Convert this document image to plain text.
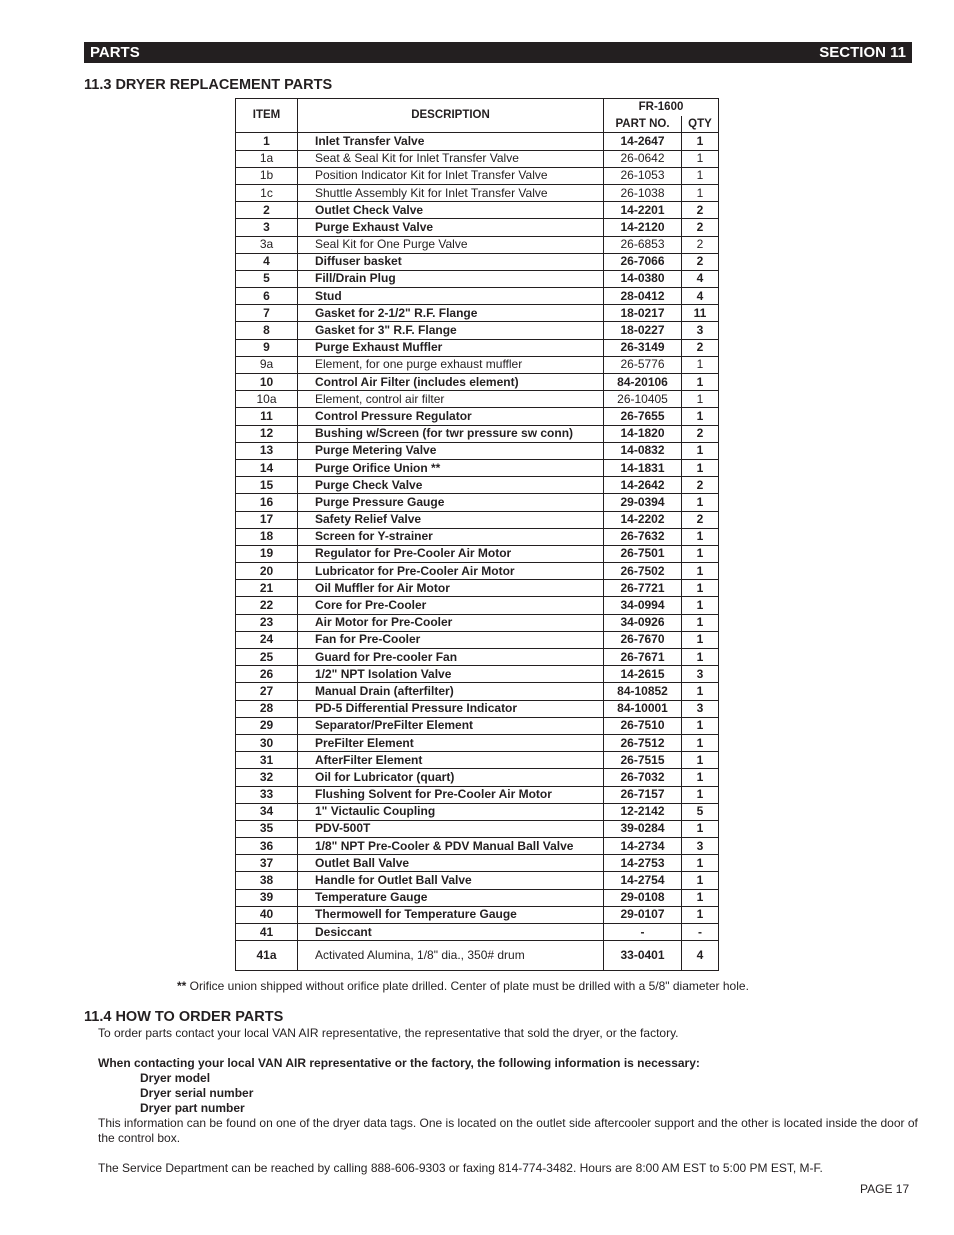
PARTS	SECTION 11
11.3 DRYER REPLACEMENT PARTS
ITEM	DESCRIPTION	FR-1600	
		PART NO.	QTY
1	Inlet Transfer Valve	14-2647	1
1a	Seat & Seal Kit for Inlet Transfer Valve	26-0642	1
1b	Position Indicator Kit for Inlet Transfer Valve	26-1053	1
1c	Shuttle Assembly Kit for Inlet Transfer Valve	26-1038	1
2	Outlet Check Valve	14-2201	2
3	Purge Exhaust Valve	14-2120	2
3a	Seal Kit for One Purge Valve	26-6853	2
4	Diffuser basket	26-7066	2
5	Fill/Drain Plug	14-0380	4
6	Stud	28-0412	4
7	Gasket for 2-1/2" R.F. Flange	18-0217	11
8	Gasket for 3" R.F. Flange	18-0227	3
9	Purge Exhaust Muffler	26-3149	2
9a	Element, for one purge exhaust muffler	26-5776	1
10	Control Air Filter (includes element)	84-20106	1
10a	Element, control air filter	26-10405	1
11	Control Pressure Regulator	26-7655	1
12	Bushing w/Screen (for twr pressure sw conn)	14-1820	2
13	Purge Metering Valve	14-0832	1
14	Purge Orifice Union **	14-1831	1
15	Purge Check Valve	14-2642	2
16	Purge Pressure Gauge	29-0394	1
17	Safety Relief Valve	14-2202	2
18	Screen for Y-strainer	26-7632	1
19	Regulator for Pre-Cooler Air Motor	26-7501	1
20	Lubricator for Pre-Cooler Air Motor	26-7502	1
21	Oil Muffler for Air Motor	26-7721	1
22	Core for Pre-Cooler	34-0994	1
23	Air Motor for Pre-Cooler	34-0926	1
24	Fan for Pre-Cooler	26-7670	1
25	Guard for Pre-cooler Fan	26-7671	1
26	1/2" NPT Isolation Valve	14-2615	3
27	Manual Drain (afterfilter)	84-10852	1
28	PD-5 Differential Pressure Indicator	84-10001	3
29	Separator/PreFilter Element	26-7510	1
30	PreFilter Element	26-7512	1
31	AfterFilter Element	26-7515	1
32	Oil for Lubricator (quart)	26-7032	1
33	Flushing Solvent for Pre-Cooler Air Motor	26-7157	1
34	1" Victaulic Coupling	12-2142	5
35	PDV-500T	39-0284	1
36	1/8" NPT Pre-Cooler & PDV Manual Ball Valve	14-2734	3
37	Outlet Ball Valve	14-2753	1
38	Handle for Outlet Ball Valve	14-2754	1
39	Temperature Gauge	29-0108	1
40	Thermowell for Temperature Gauge	29-0107	1
41	Desiccant	-	-
41a	Activated Alumina, 1/8" dia., 350# drum	33-0401	4
** Orifice union shipped without orifice plate drilled. Center of plate must be drilled with a 5/8" diameter hole.
11.4 HOW TO ORDER PARTS
To order parts contact your local VAN AIR representative, the representative that sold the dryer, or the factory.
When contacting your local VAN AIR representative or the factory, the following information is necessary:
Dryer model
Dryer serial number
Dryer part number
This information can be found on one of the dryer data tags. One is located on the outlet side aftercooler support and the other is located inside the door of the control box.
The Service Department can be reached by calling 888-606-9303 or faxing 814-774-3482. Hours are 8:00 AM EST to 5:00 PM EST, M-F.
PAGE 17
